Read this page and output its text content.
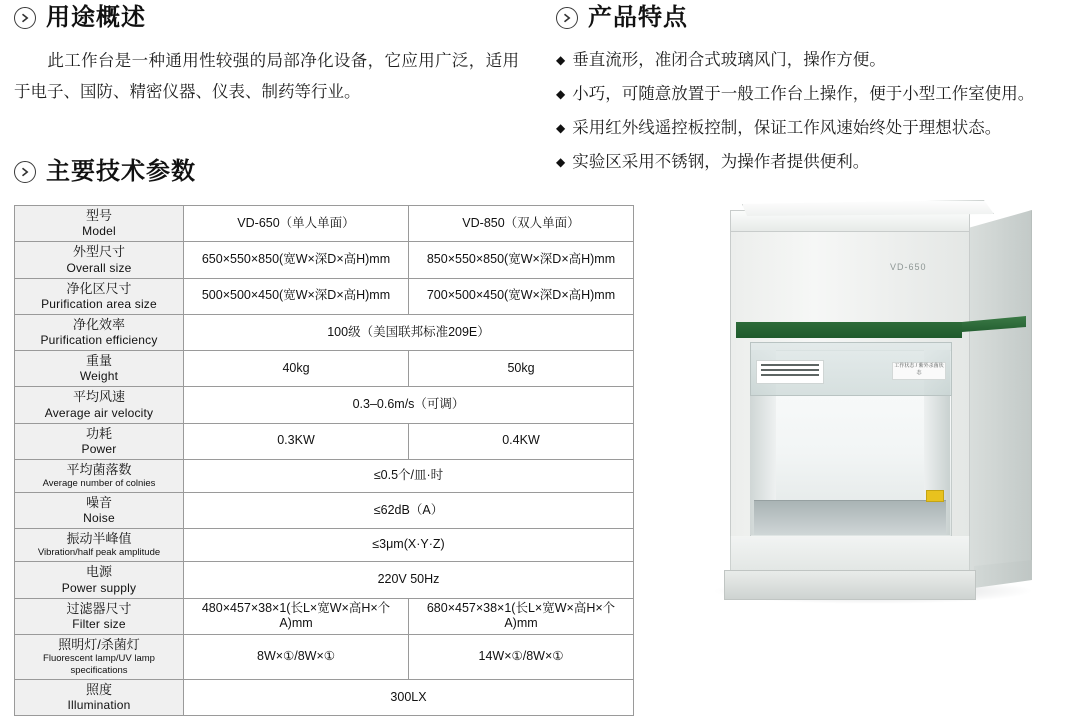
用途概述
此工作台是一种通用性较强的局部净化设备，它应用广泛，适用于电子、国防、精密仪器、仪表、制药等行业。
产品特点
◆ 垂直流形，准闭合式玻璃风门，操作方便。
◆ 小巧，可随意放置于一般工作台上操作，便于小型工作室使用。
◆ 采用红外线遥控板控制，保证工作风速始终处于理想状态。
◆ 实验区采用不锈钢，为操作者提供便利。
主要技术参数
型号
Model	VD-650（单人单面）	VD-850（双人单面）

外型尺寸
Overall size	650×550×850(宽W×深D×高H)mm	850×550×850(宽W×深D×高H)mm

净化区尺寸
Purification area size	500×500×450(宽W×深D×高H)mm	700×500×450(宽W×深D×高H)mm

净化效率
Purification efficiency	100级（美国联邦标准209E）	

重量
Weight	40kg	50kg

平均风速
Average air velocity	0.3–0.6m/s（可调）	

功耗
Power	0.3KW	0.4KW

平均菌落数
Average number of colnies	≤0.5个/皿·时	

噪音
Noise	≤62dB（A）	

振动半峰值
Vibration/half peak amplitude	≤3μm(X·Y·Z)	

电源
Power supply	220V 50Hz	

过滤器尺寸
Filter size	480×457×38×1(长L×宽W×高H×个A)mm	680×457×38×1(长L×宽W×高H×个A)mm

照明灯/杀菌灯
Fluorescent lamp/UV lamp specifications	8W×①/8W×①	14W×①/8W×①

照度
Illumination	300LX	
VD-650
工作状态 / 紫外杀菌状态
